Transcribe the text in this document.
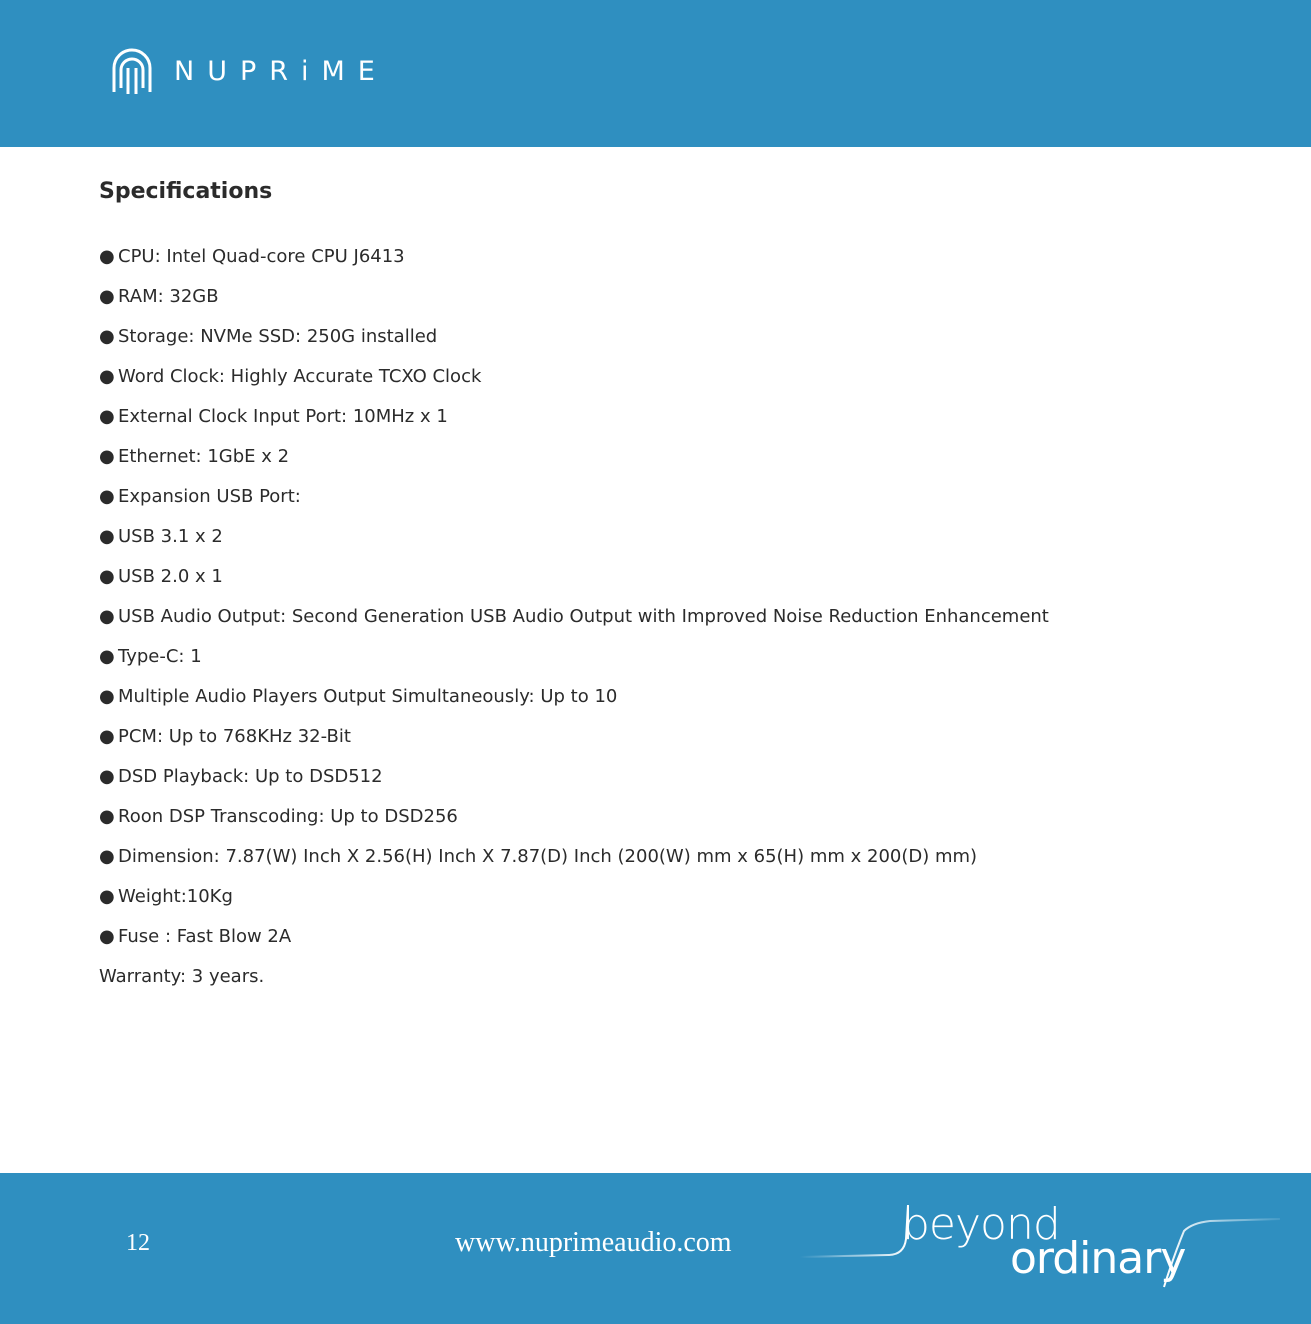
NUPRiME
Specifications
● CPU: Intel Quad-core CPU J6413
● RAM: 32GB
● Storage: NVMe SSD: 250G installed
● Word Clock: Highly Accurate TCXO Clock
● External Clock Input Port: 10MHz x 1
● Ethernet: 1GbE x 2
● Expansion USB Port:
● USB 3.1 x 2
● USB 2.0 x 1
● USB Audio Output: Second Generation USB Audio Output with Improved Noise Reduction Enhancement
● Type-C: 1
● Multiple Audio Players Output Simultaneously: Up to 10
● PCM: Up to 768KHz 32-Bit
● DSD Playback: Up to DSD512
● Roon DSP Transcoding: Up to DSD256
● Dimension: 7.87(W) Inch X 2.56(H) Inch X 7.87(D) Inch (200(W) mm x 65(H) mm x 200(D) mm)
● Weight:10Kg
● Fuse : Fast Blow 2A

Warranty: 3 years.

12	www.nuprimeaudio.com	beyond
ordinary
